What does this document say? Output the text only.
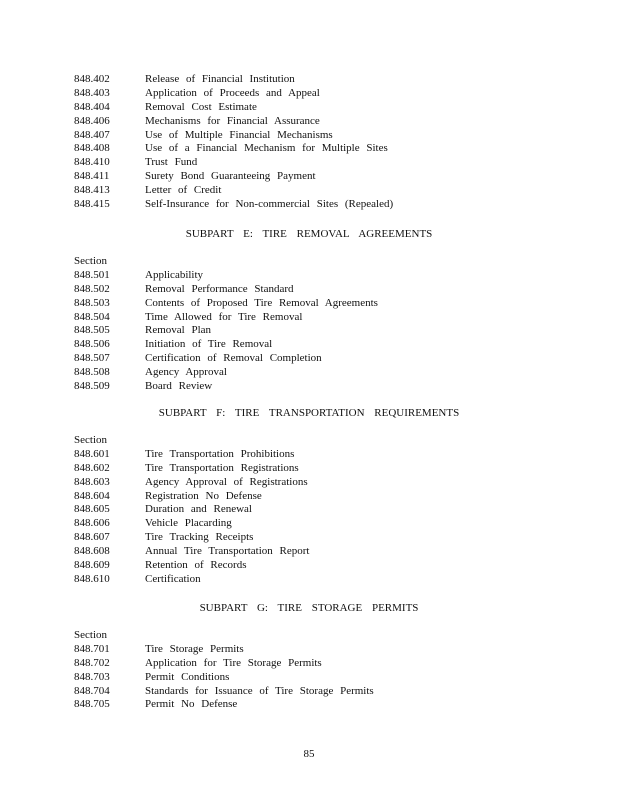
848.402	Release of Financial Institution
848.403	Application of Proceeds and Appeal
848.404	Removal Cost Estimate
848.406	Mechanisms for Financial Assurance
848.407	Use of Multiple Financial Mechanisms
848.408	Use of a Financial Mechanism for Multiple Sites
848.410	Trust Fund
848.411	Surety Bond Guaranteeing Payment
848.413	Letter of Credit
848.415	Self-Insurance for Non-commercial Sites (Repealed)
SUBPART E: TIRE REMOVAL AGREEMENTS
Section
848.501	Applicability
848.502	Removal Performance Standard
848.503	Contents of Proposed Tire Removal Agreements
848.504	Time Allowed for Tire Removal
848.505	Removal Plan
848.506	Initiation of Tire Removal
848.507	Certification of Removal Completion
848.508	Agency Approval
848.509	Board Review
SUBPART F: TIRE TRANSPORTATION REQUIREMENTS
Section
848.601	Tire Transportation Prohibitions
848.602	Tire Transportation Registrations
848.603	Agency Approval of Registrations
848.604	Registration No Defense
848.605	Duration and Renewal
848.606	Vehicle Placarding
848.607	Tire Tracking Receipts
848.608	Annual Tire Transportation Report
848.609	Retention of Records
848.610	Certification
SUBPART G: TIRE STORAGE PERMITS
Section
848.701	Tire Storage Permits
848.702	Application for Tire Storage Permits
848.703	Permit Conditions
848.704	Standards for Issuance of Tire Storage Permits
848.705	Permit No Defense
85
